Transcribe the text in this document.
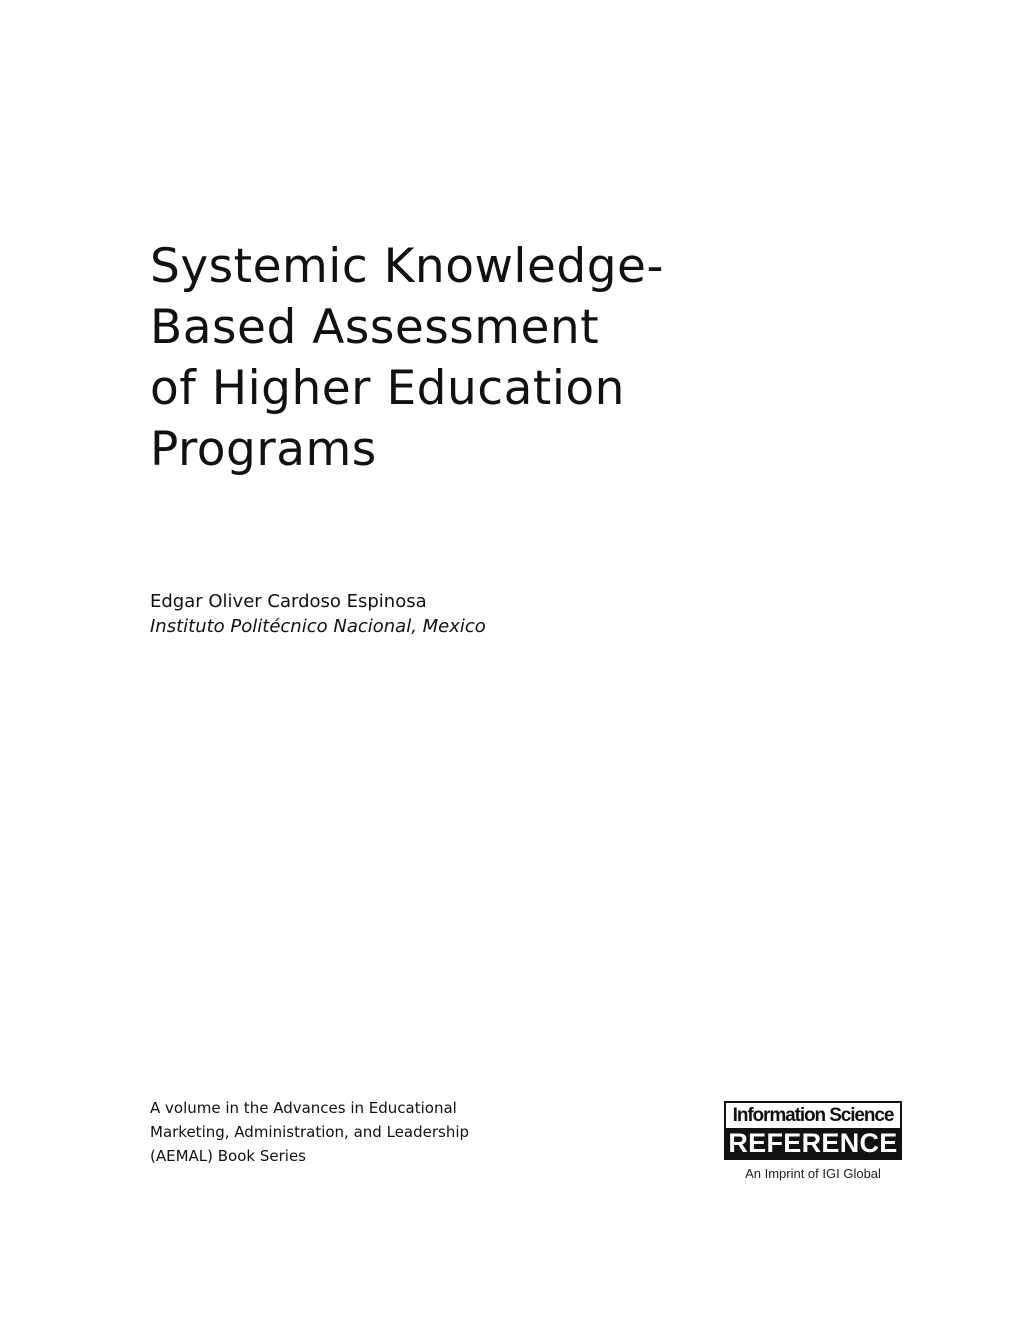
Systemic Knowledge-
Based Assessment
of Higher Education
Programs
Edgar Oliver Cardoso Espinosa
Instituto Politécnico Nacional, Mexico
A volume in the Advances in Educational
Marketing, Administration, and Leadership
(AEMAL) Book Series
Information Science
REFERENCE
An Imprint of IGI Global
